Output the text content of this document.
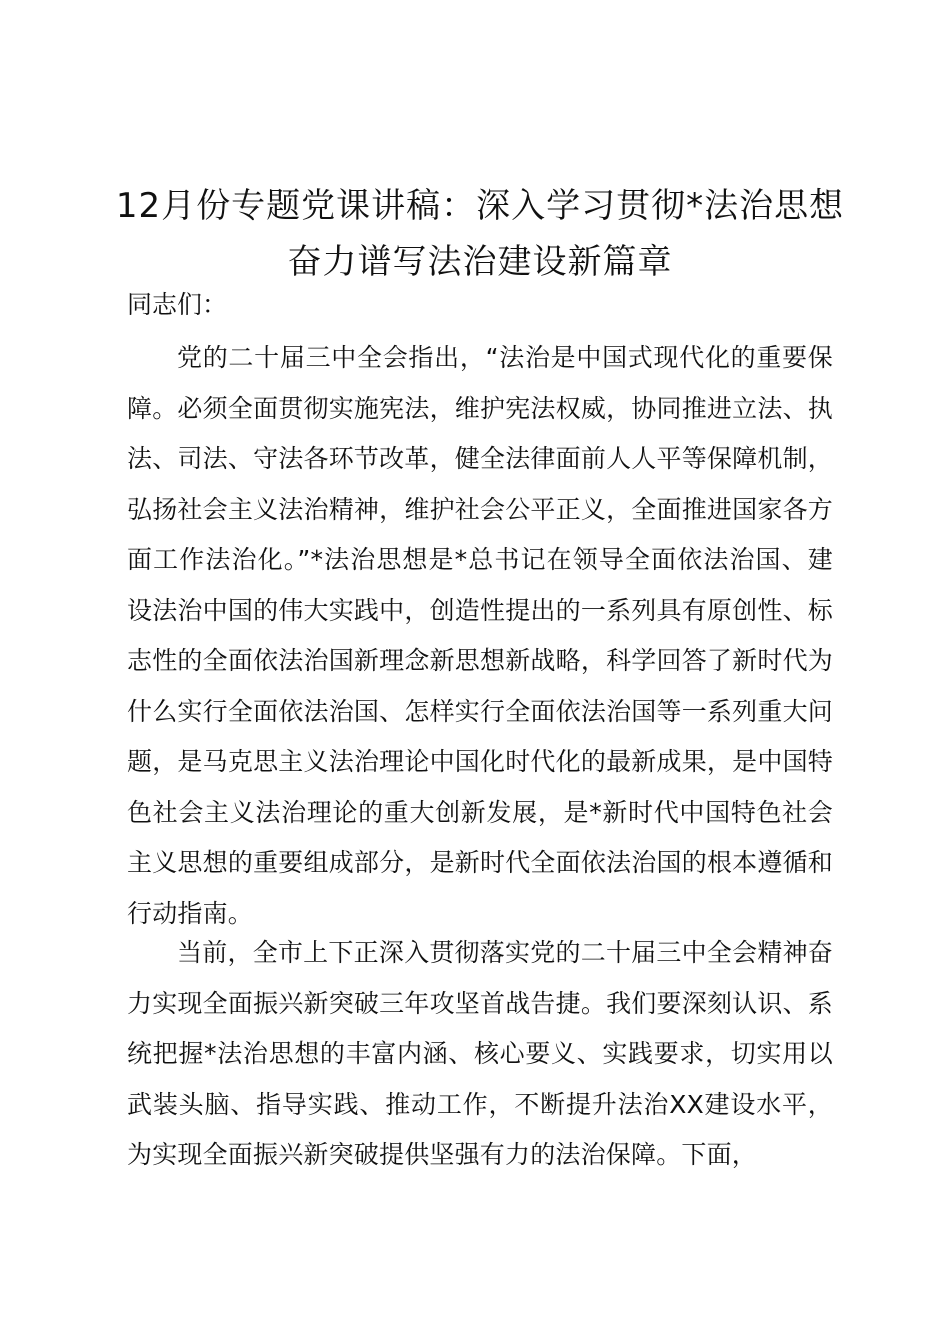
12月份专题党课讲稿：深入学习贯彻*法治思想奋力谱写法治建设新篇章

同志们：

党的二十届三中全会指出，“法治是中国式现代化的重要保障。必须全面贯彻实施宪法，维护宪法权威，协同推进立法、执法、司法、守法各环节改革，健全法律面前人人平等保障机制，弘扬社会主义法治精神，维护社会公平正义，全面推进国家各方面工作法治化。”*法治思想是*总书记在领导全面依法治国、建设法治中国的伟大实践中，创造性提出的一系列具有原创性、标志性的全面依法治国新理念新思想新战略，科学回答了新时代为什么实行全面依法治国、怎样实行全面依法治国等一系列重大问题，是马克思主义法治理论中国化时代化的最新成果，是中国特色社会主义法治理论的重大创新发展，是*新时代中国特色社会主义思想的重要组成部分，是新时代全面依法治国的根本遵循和行动指南。

当前，全市上下正深入贯彻落实党的二十届三中全会精神奋力实现全面振兴新突破三年攻坚首战告捷。我们要深刻认识、系统把握*法治思想的丰富内涵、核心要义、实践要求，切实用以武装头脑、指导实践、推动工作，不断提升法治XX建设水平，为实现全面振兴新突破提供坚强有力的法治保障。下面，
